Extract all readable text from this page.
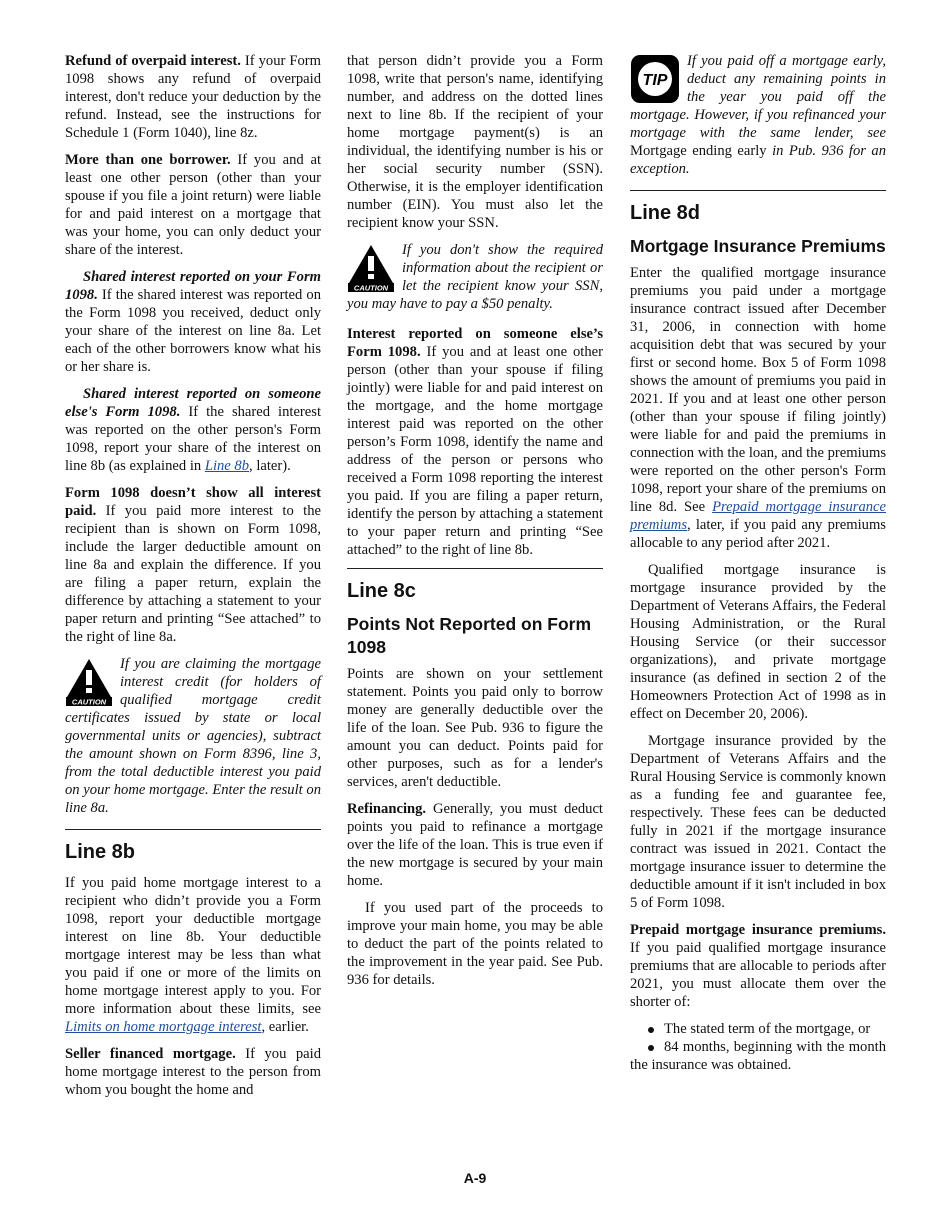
Refund of overpaid interest. If your Form 1098 shows any refund of overpaid interest, don't reduce your deduction by the refund. Instead, see the instructions for Schedule 1 (Form 1040), line 8z.

More than one borrower. If you and at least one other person (other than your spouse if you file a joint return) were liable for and paid interest on a mortgage that was your home, you can only deduct your share of the interest.

Shared interest reported on your Form 1098. If the shared interest was reported on the Form 1098 you received, deduct only your share of the interest on line 8a. Let each of the other borrowers know what his or her share is.

Shared interest reported on someone else's Form 1098. If the shared interest was reported on the other person's Form 1098, report your share of the interest on line 8b (as explained in Line 8b, later).

Form 1098 doesn’t show all interest paid. If you paid more interest to the recipient than is shown on Form 1098, include the larger deductible amount on line 8a and explain the difference. If you are filing a paper return, explain the difference by attaching a statement to your paper return and printing “See attached” to the right of line 8a.

CAUTION
If you are claiming the mortgage interest credit (for holders of qualified mortgage credit certificates issued by state or local governmental units or agencies), subtract the amount shown on Form 8396, line 3, from the total deductible interest you paid on your home mortgage. Enter the result on line 8a.
Line 8b

If you paid home mortgage interest to a recipient who didn’t provide you a Form 1098, report your deductible mortgage interest on line 8b. Your deductible mortgage interest may be less than what you paid if one or more of the limits on home mortgage interest apply to you. For more information about these limits, see Limits on home mortgage interest, earlier.

Seller financed mortgage. If you paid home mortgage interest to the person from whom you bought the home and

that person didn’t provide you a Form 1098, write that person's name, identifying number, and address on the dotted lines next to line 8b. If the recipient of your home mortgage payment(s) is an individual, the identifying number is his or her social security number (SSN). Otherwise, it is the employer identification number (EIN). You must also let the recipient know your SSN.

CAUTION
If you don't show the required information about the recipient or let the recipient know your SSN, you may have to pay a $50 penalty.

Interest reported on someone else’s Form 1098. If you and at least one other person (other than your spouse if filing jointly) were liable for and paid interest on the mortgage, and the home mortgage interest paid was reported on the other person’s Form 1098, identify the name and address of the person or persons who received a Form 1098 reporting the interest you paid. If you are filing a paper return, identify the person by attaching a statement to your paper return and printing “See attached” to the right of line 8b.

Line 8c
Points Not Reported on Form 1098

Points are shown on your settlement statement. Points you paid only to borrow money are generally deductible over the life of the loan. See Pub. 936 to figure the amount you can deduct. Points paid for other purposes, such as for a lender's services, aren't deductible.

Refinancing. Generally, you must deduct points you paid to refinance a mortgage over the life of the loan. This is true even if the new mortgage is secured by your main home.

If you used part of the proceeds to improve your main home, you may be able to deduct the part of the points related to the improvement in the year paid. See Pub. 936 for details.

TIP
If you paid off a mortgage early, deduct any remaining points in the year you paid off the mortgage. However, if you refinanced your mortgage with the same lender, see Mortgage ending early in Pub. 936 for an exception.
Line 8d
Mortgage Insurance Premiums

Enter the qualified mortgage insurance premiums you paid under a mortgage insurance contract issued after December 31, 2006, in connection with home acquisition debt that was secured by your first or second home. Box 5 of Form 1098 shows the amount of premiums you paid in 2021. If you and at least one other person (other than your spouse if filing jointly) were liable for and paid the premiums in connection with the loan, and the premiums were reported on the other person's Form 1098, report your share of the premiums on line 8d. See Prepaid mortgage insurance premiums, later, if you paid any premiums allocable to any period after 2021.

Qualified mortgage insurance is mortgage insurance provided by the Department of Veterans Affairs, the Federal Housing Administration, or the Rural Housing Service (or their successor organizations), and private mortgage insurance (as defined in section 2 of the Homeowners Protection Act of 1998 as in effect on December 20, 2006).

Mortgage insurance provided by the Department of Veterans Affairs and the Rural Housing Service is commonly known as a funding fee and guarantee fee, respectively. These fees can be deducted fully in 2021 if the mortgage insurance contract was issued in 2021. Contact the mortgage insurance issuer to determine the deductible amount if it isn't included in box 5 of Form 1098.

Prepaid mortgage insurance premiums. If you paid qualified mortgage insurance premiums that are allocable to periods after 2021, you must allocate them over the shorter of:

The stated term of the mortgage, or
84 months, beginning with the month the insurance was obtained.
A-9
